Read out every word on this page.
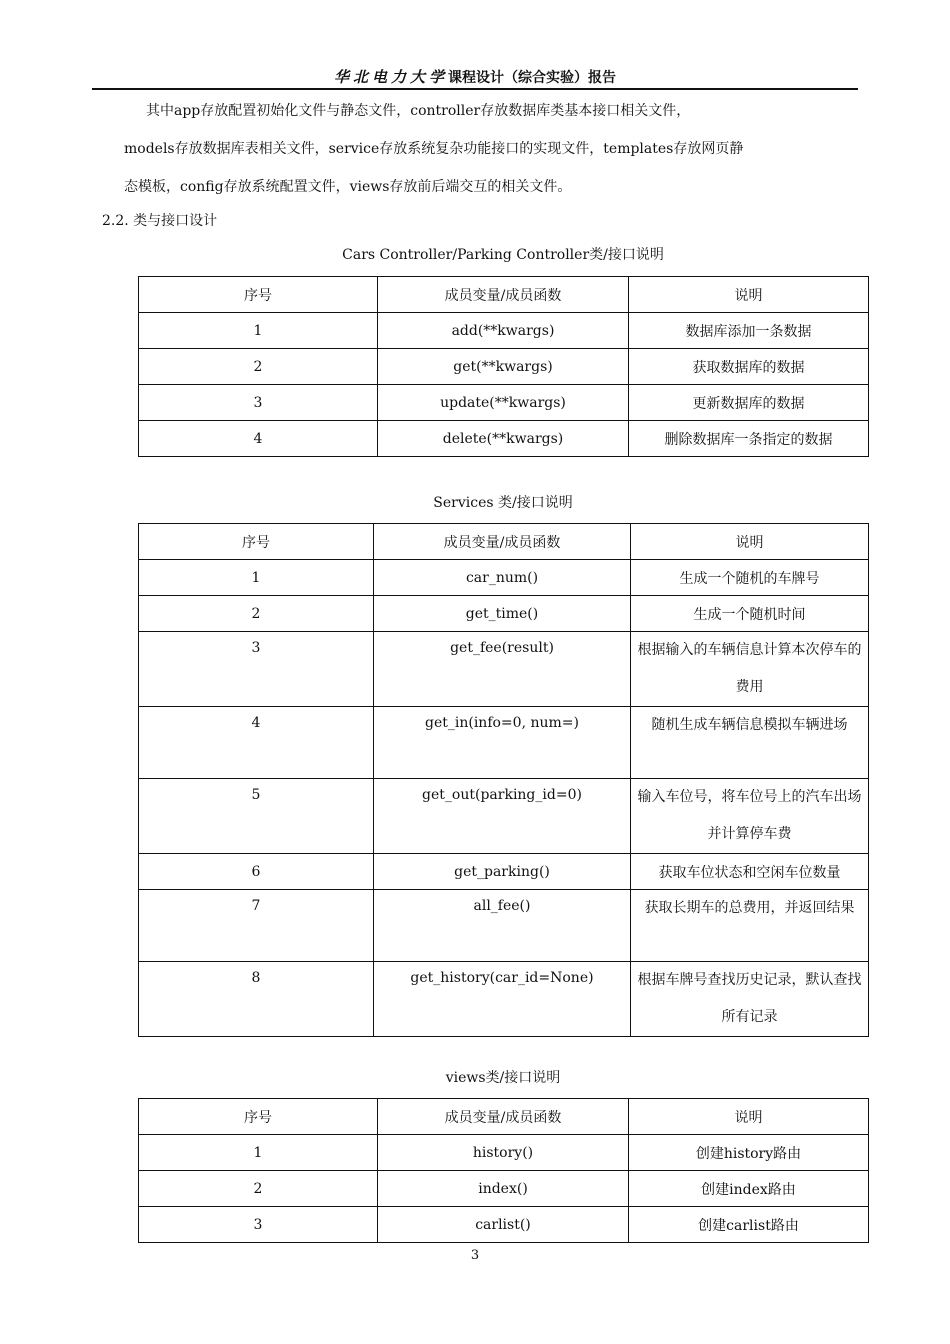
华北电力大学课程设计（综合实验）报告
其中app存放配置初始化文件与静态文件，controller存放数据库类基本接口相关文件，
models存放数据库表相关文件，service存放系统复杂功能接口的实现文件，templates存放网页静
态模板，config存放系统配置文件，views存放前后端交互的相关文件。
2.2. 类与接口设计
Cars Controller/Parking Controller类/接口说明
序号	成员变量/成员函数	说明
1	add(**kwargs)	数据库添加一条数据
2	get(**kwargs)	获取数据库的数据
3	update(**kwargs)	更新数据库的数据
4	delete(**kwargs)	删除数据库一条指定的数据
Services 类/接口说明
序号	成员变量/成员函数	说明
1	car_num()	生成一个随机的车牌号
2	get_time()	生成一个随机时间
3	get_fee(result)	根据输入的车辆信息计算本次停车的费用
4	get_in(info=0, num=)	随机生成车辆信息模拟车辆进场
5	get_out(parking_id=0)	输入车位号，将车位号上的汽车出场并计算停车费
6	get_parking()	获取车位状态和空闲车位数量
7	all_fee()	获取长期车的总费用，并返回结果
8	get_history(car_id=None)	根据车牌号查找历史记录，默认查找所有记录
views类/接口说明
序号	成员变量/成员函数	说明
1	history()	创建history路由
2	index()	创建index路由
3	carlist()	创建carlist路由
3
